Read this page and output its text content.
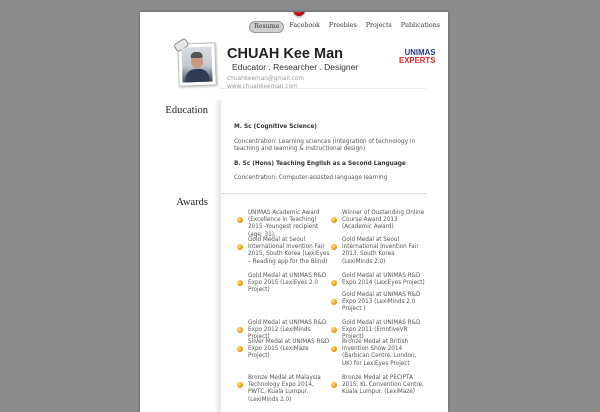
Resume	Facebook	Freebies	Projects	Publications
CHUAH Kee Man
Educator . Researcher . Designer
chuahkeeman@gmail.com
www.chuahkeeman.com
UNIMAS
EXPERTS
Education

M. Sc (Cognitive Science)

Concentration: Learning sciences (integration of technology in teaching and learning & instructional design)

B. Sc (Hons) Teaching English as a Second Language

Concentration: Computer-assisted language learning

Awards
UNIMAS Academic Award (Excellence in Teaching) 2015 -Youngest recipient (age: 31).
Gold Medal at Seoul International Invention Fair 2015, South Korea (LexiEyes – Reading app for the Blind)
Gold Medal at UNIMAS R&D Expo 2015 (LexiEyes 2.0 Project)
Gold Medal at UNIMAS R&D Expo 2012 (LexiMinds Project)
Silver Medal at UNIMAS R&D Expo 2015 (LexiMaze Project)
Bronze Medal at Malaysia Technology Expo 2014, PWTC, Kuala Lumpur. (LexiMinds 2.0)
Winner of Oustanding Online Course Award 2013 (Academic Award)
Gold Medal at Seoul International Invention Fair 2013, South Korea (LexiMinds 2.0)
Gold Medal at UNIMAS R&D Expo 2014 (LexiEyes Project)
Gold Medal at UNIMAS R&D Expo 2013 (LexiMinds 2.0 Project )
Gold Medal at UNIMAS R&D Expo 2011 (EmotiveVR Project)
Bronze Medal at British Invention Show 2014 (Barbican Centre, London, UK) for LexiEyes Project
Bronze Medal at PECIPTA 2015, KL Convention Centre, Kuala Lumpur. (LexiMaze)
